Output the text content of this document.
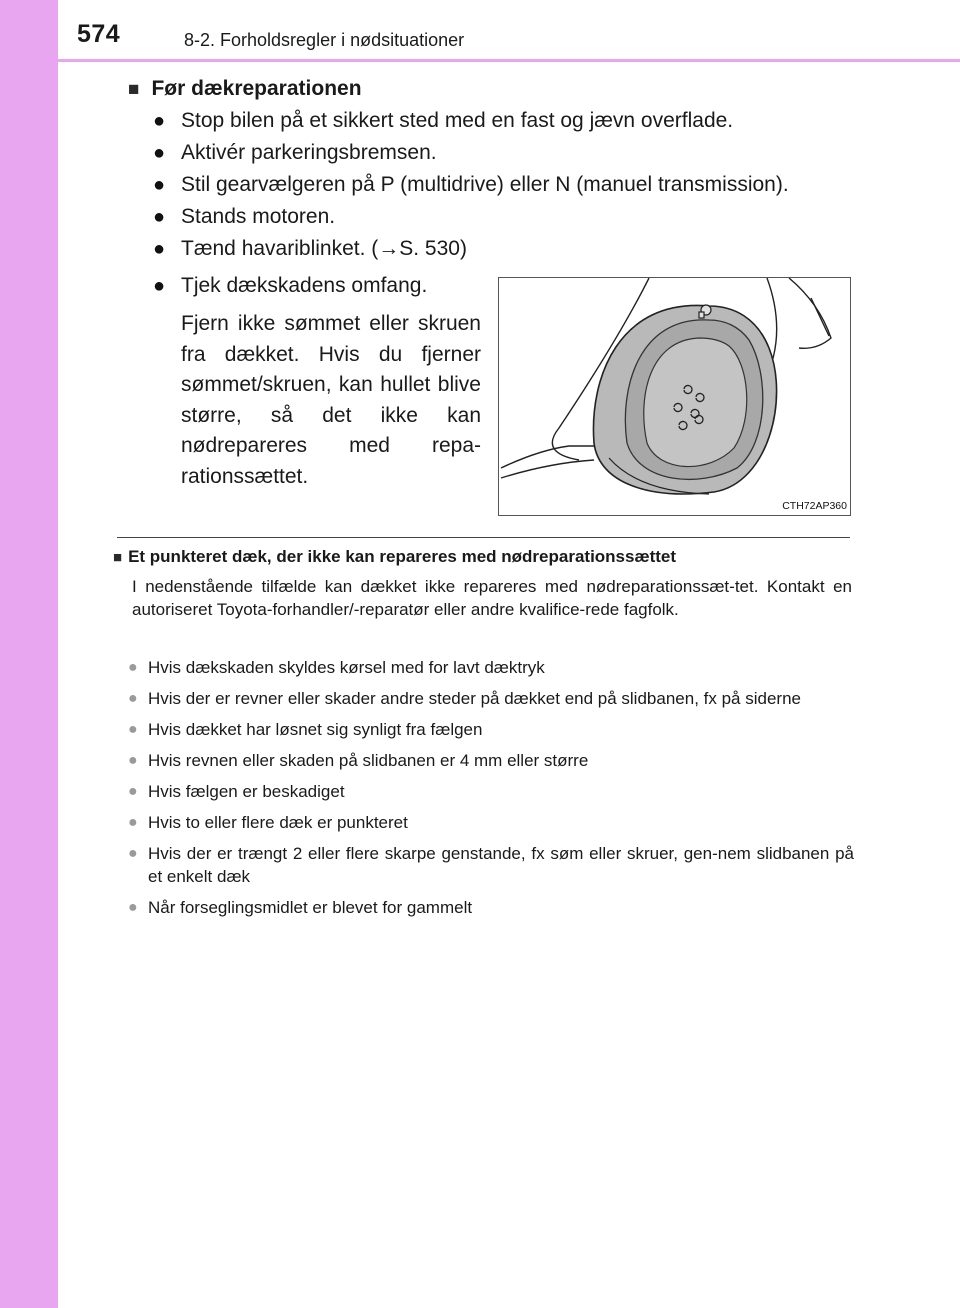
574	8-2. Forholdsregler i nødsituationer
■ Før dækreparationen
● Stop bilen på et sikkert sted med en fast og jævn overflade.
● Aktivér parkeringsbremsen.
● Stil gearvælgeren på P (multidrive) eller N (manuel transmission).
● Stands motoren.
● Tænd havariblinket. (→S. 530)
● Tjek dækskadens omfang.
Fjern ikke sømmet eller skruen fra dækket. Hvis du fjerner sømmet/skruen, kan hullet blive større, så det ikke kan nødrepareres med repa-rationssættet.
CTH72AP360
■ Et punkteret dæk, der ikke kan repareres med nødreparationssættet
I nedenstående tilfælde kan dækket ikke repareres med nødreparationssæt-tet. Kontakt en autoriseret Toyota-forhandler/-reparatør eller andre kvalifice-rede fagfolk.
● Hvis dækskaden skyldes kørsel med for lavt dæktryk
● Hvis der er revner eller skader andre steder på dækket end på slidbanen, fx på siderne
● Hvis dækket har løsnet sig synligt fra fælgen
● Hvis revnen eller skaden på slidbanen er 4 mm eller større
● Hvis fælgen er beskadiget
● Hvis to eller flere dæk er punkteret
● Hvis der er trængt 2 eller flere skarpe genstande, fx søm eller skruer, gen-nem slidbanen på et enkelt dæk
● Når forseglingsmidlet er blevet for gammelt
